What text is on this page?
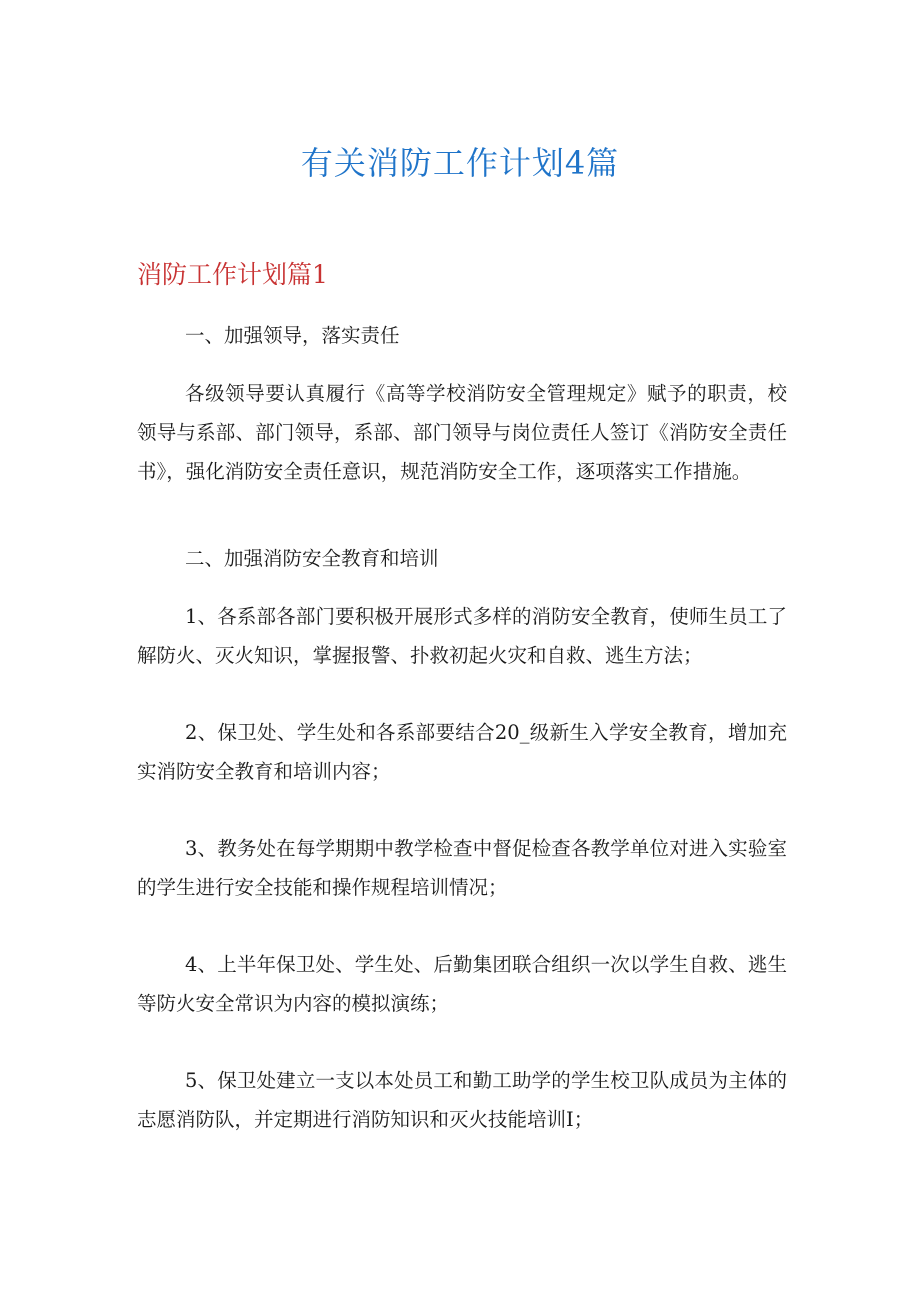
有关消防工作计划4篇
消防工作计划篇1

一、加强领导，落实责任

各级领导要认真履行《高等学校消防安全管理规定》赋予的职责，校领导与系部、部门领导，系部、部门领导与岗位责任人签订《消防安全责任书》，强化消防安全责任意识，规范消防安全工作，逐项落实工作措施。

二、加强消防安全教育和培训

1、各系部各部门要积极开展形式多样的消防安全教育，使师生员工了解防火、灭火知识，掌握报警、扑救初起火灾和自救、逃生方法；

2、保卫处、学生处和各系部要结合20_级新生入学安全教育，增加充实消防安全教育和培训内容；

3、教务处在每学期期中教学检查中督促检查各教学单位对进入实验室的学生进行安全技能和操作规程培训情况；

4、上半年保卫处、学生处、后勤集团联合组织一次以学生自救、逃生等防火安全常识为内容的模拟演练；

5、保卫处建立一支以本处员工和勤工助学的学生校卫队成员为主体的志愿消防队，并定期进行消防知识和灭火技能培训I；
